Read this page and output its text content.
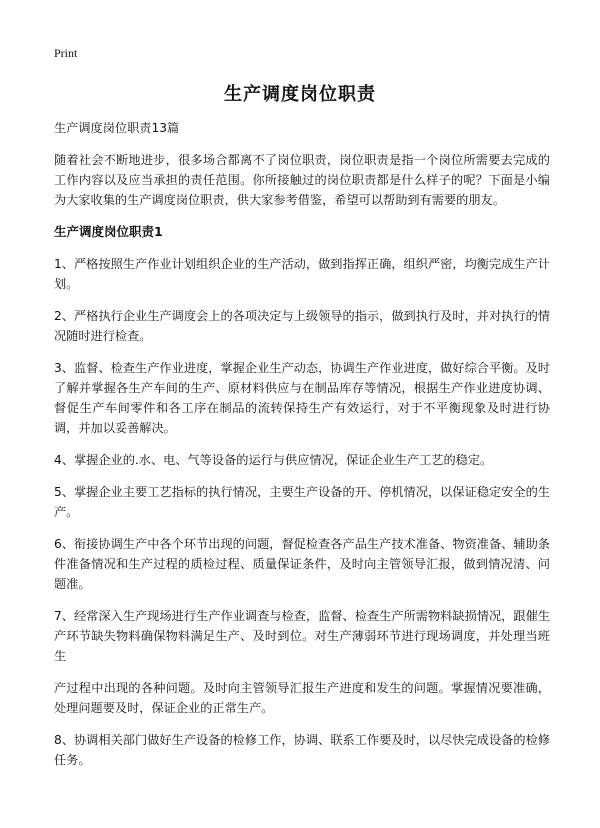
Print
生产调度岗位职责

生产调度岗位职责13篇

随着社会不断地进步，很多场合都离不了岗位职责，岗位职责是指一个岗位所需要去完成的工作内容以及应当承担的责任范围。你所接触过的岗位职责都是什么样子的呢？下面是小编为大家收集的生产调度岗位职责，供大家参考借鉴，希望可以帮助到有需要的朋友。

生产调度岗位职责1

1、严格按照生产作业计划组织企业的生产活动，做到指挥正确，组织严密，均衡完成生产计划。

2、严格执行企业生产调度会上的各项决定与上级领导的指示，做到执行及时，并对执行的情况随时进行检查。

3、监督、检查生产作业进度，掌握企业生产动态，协调生产作业进度，做好综合平衡。及时了解并掌握各生产车间的生产、原材料供应与在制品库存等情况，根据生产作业进度协调、督促生产车间零件和各工序在制品的流转保持生产有效运行，对于不平衡现象及时进行协调，并加以妥善解决。

4、掌握企业的.水、电、气等设备的运行与供应情况，保证企业生产工艺的稳定。

5、掌握企业主要工艺指标的执行情况，主要生产设备的开、停机情况，以保证稳定安全的生产。

6、衔接协调生产中各个环节出现的问题，督促检查各产品生产技术准备、物资准备、辅助条件准备情况和生产过程的质检过程、质量保证条件，及时向主管领导汇报，做到情况清、问题准。

7、经常深入生产现场进行生产作业调查与检查，监督、检查生产所需物料缺损情况，跟催生产环节缺失物料确保物料满足生产、及时到位。对生产薄弱环节进行现场调度，并处理当班生

产过程中出现的各种问题。及时向主管领导汇报生产进度和发生的问题。掌握情况要准确，处理问题要及时，保证企业的正常生产。

8、协调相关部门做好生产设备的检修工作，协调、联系工作要及时，以尽快完成设备的检修任务。
